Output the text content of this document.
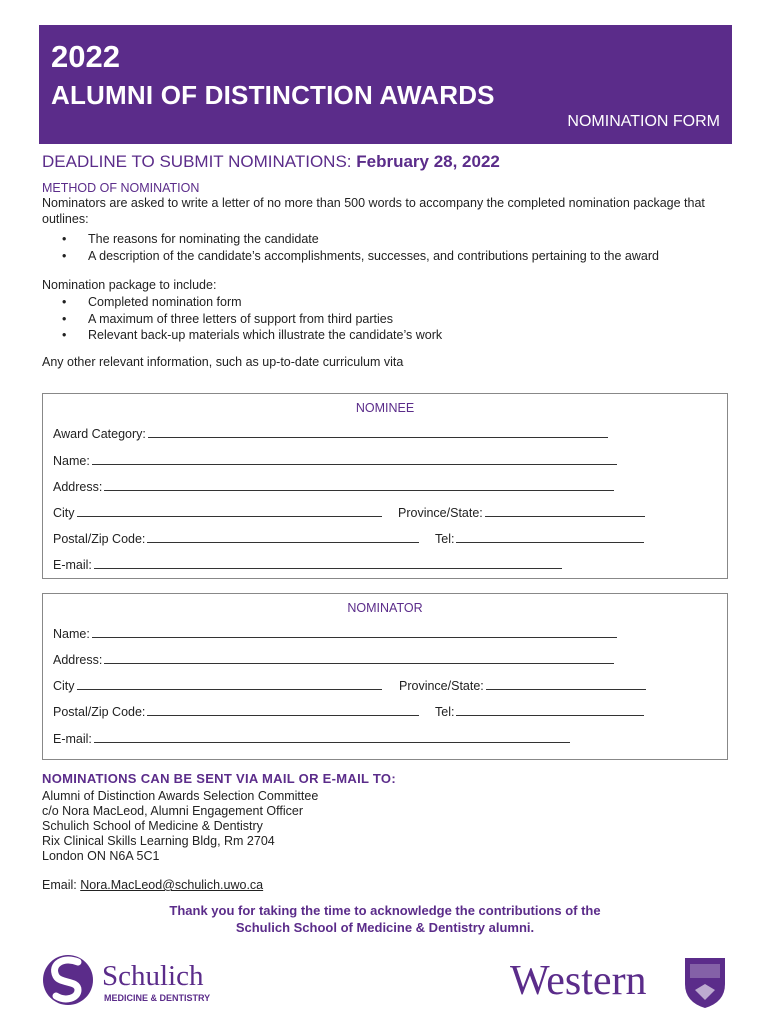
2022
ALUMNI OF DISTINCTION AWARDS
NOMINATION FORM
DEADLINE TO SUBMIT NOMINATIONS: February 28, 2022
METHOD OF NOMINATION
Nominators are asked to write a letter of no more than 500 words to accompany the completed nomination package that outlines:
• The reasons for nominating the candidate
• A description of the candidate’s accomplishments, successes, and contributions pertaining to the award
Nomination package to include:
• Completed nomination form
• A maximum of three letters of support from third parties
• Relevant back-up materials which illustrate the candidate’s work
Any other relevant information, such as up-to-date curriculum vita
NOMINEE
Award Category:
Name:
Address:
City	Province/State:
Postal/Zip Code:	Tel:
E-mail:
NOMINATOR
Name:
Address:
City	Province/State:
Postal/Zip Code:	Tel:
E-mail:
NOMINATIONS CAN BE SENT VIA MAIL OR E-MAIL TO:
Alumni of Distinction Awards Selection Committee
c/o Nora MacLeod, Alumni Engagement Officer
Schulich School of Medicine & Dentistry
Rix Clinical Skills Learning Bldg, Rm 2704
London ON N6A 5C1
Email: Nora.MacLeod@schulich.uwo.ca
Thank you for taking the time to acknowledge the contributions of the
Schulich School of Medicine & Dentistry alumni.
Schulich
MEDICINE & DENTISTRY	Western
